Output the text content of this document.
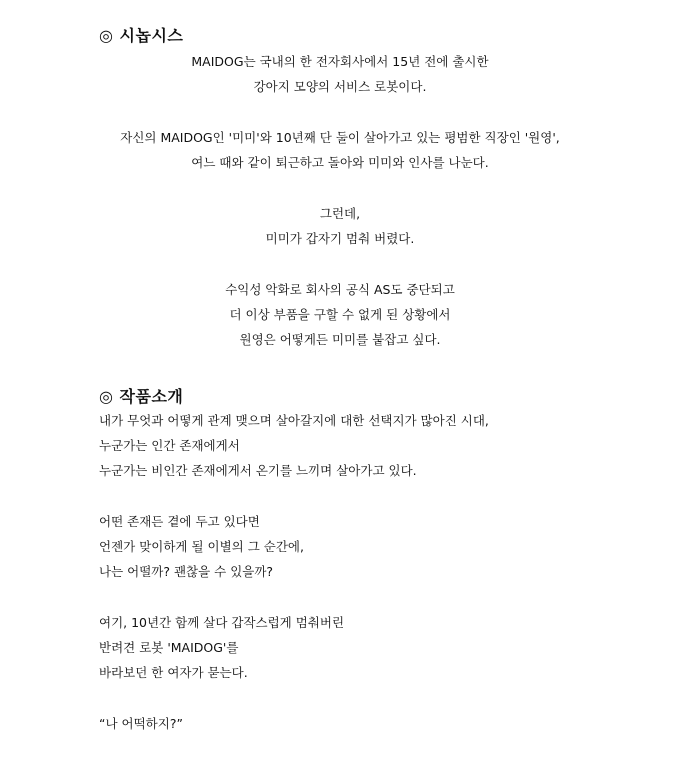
◎ 시놉시스
MAIDOG는 국내의 한 전자회사에서 15년 전에 출시한
강아지 모양의 서비스 로봇이다.
자신의 MAIDOG인 '미미'와 10년째 단 둘이 살아가고 있는 평범한 직장인 '원영',
여느 때와 같이 퇴근하고 돌아와 미미와 인사를 나눈다.
그런데,
미미가 갑자기 멈춰 버렸다.
수익성 악화로 회사의 공식 AS도 중단되고
더 이상 부품을 구할 수 없게 된 상황에서
원영은 어떻게든 미미를 붙잡고 싶다.
◎ 작품소개
내가 무엇과 어떻게 관계 맺으며 살아갈지에 대한 선택지가 많아진 시대,
누군가는 인간 존재에게서
누군가는 비인간 존재에게서 온기를 느끼며 살아가고 있다.
어떤 존재든 곁에 두고 있다면
언젠가 맞이하게 될 이별의 그 순간에,
나는 어떨까? 괜찮을 수 있을까?
여기, 10년간 함께 살다 갑작스럽게 멈춰버린
반려견 로봇 'MAIDOG'를
바라보던 한 여자가 묻는다.
“나 어떡하지?”
